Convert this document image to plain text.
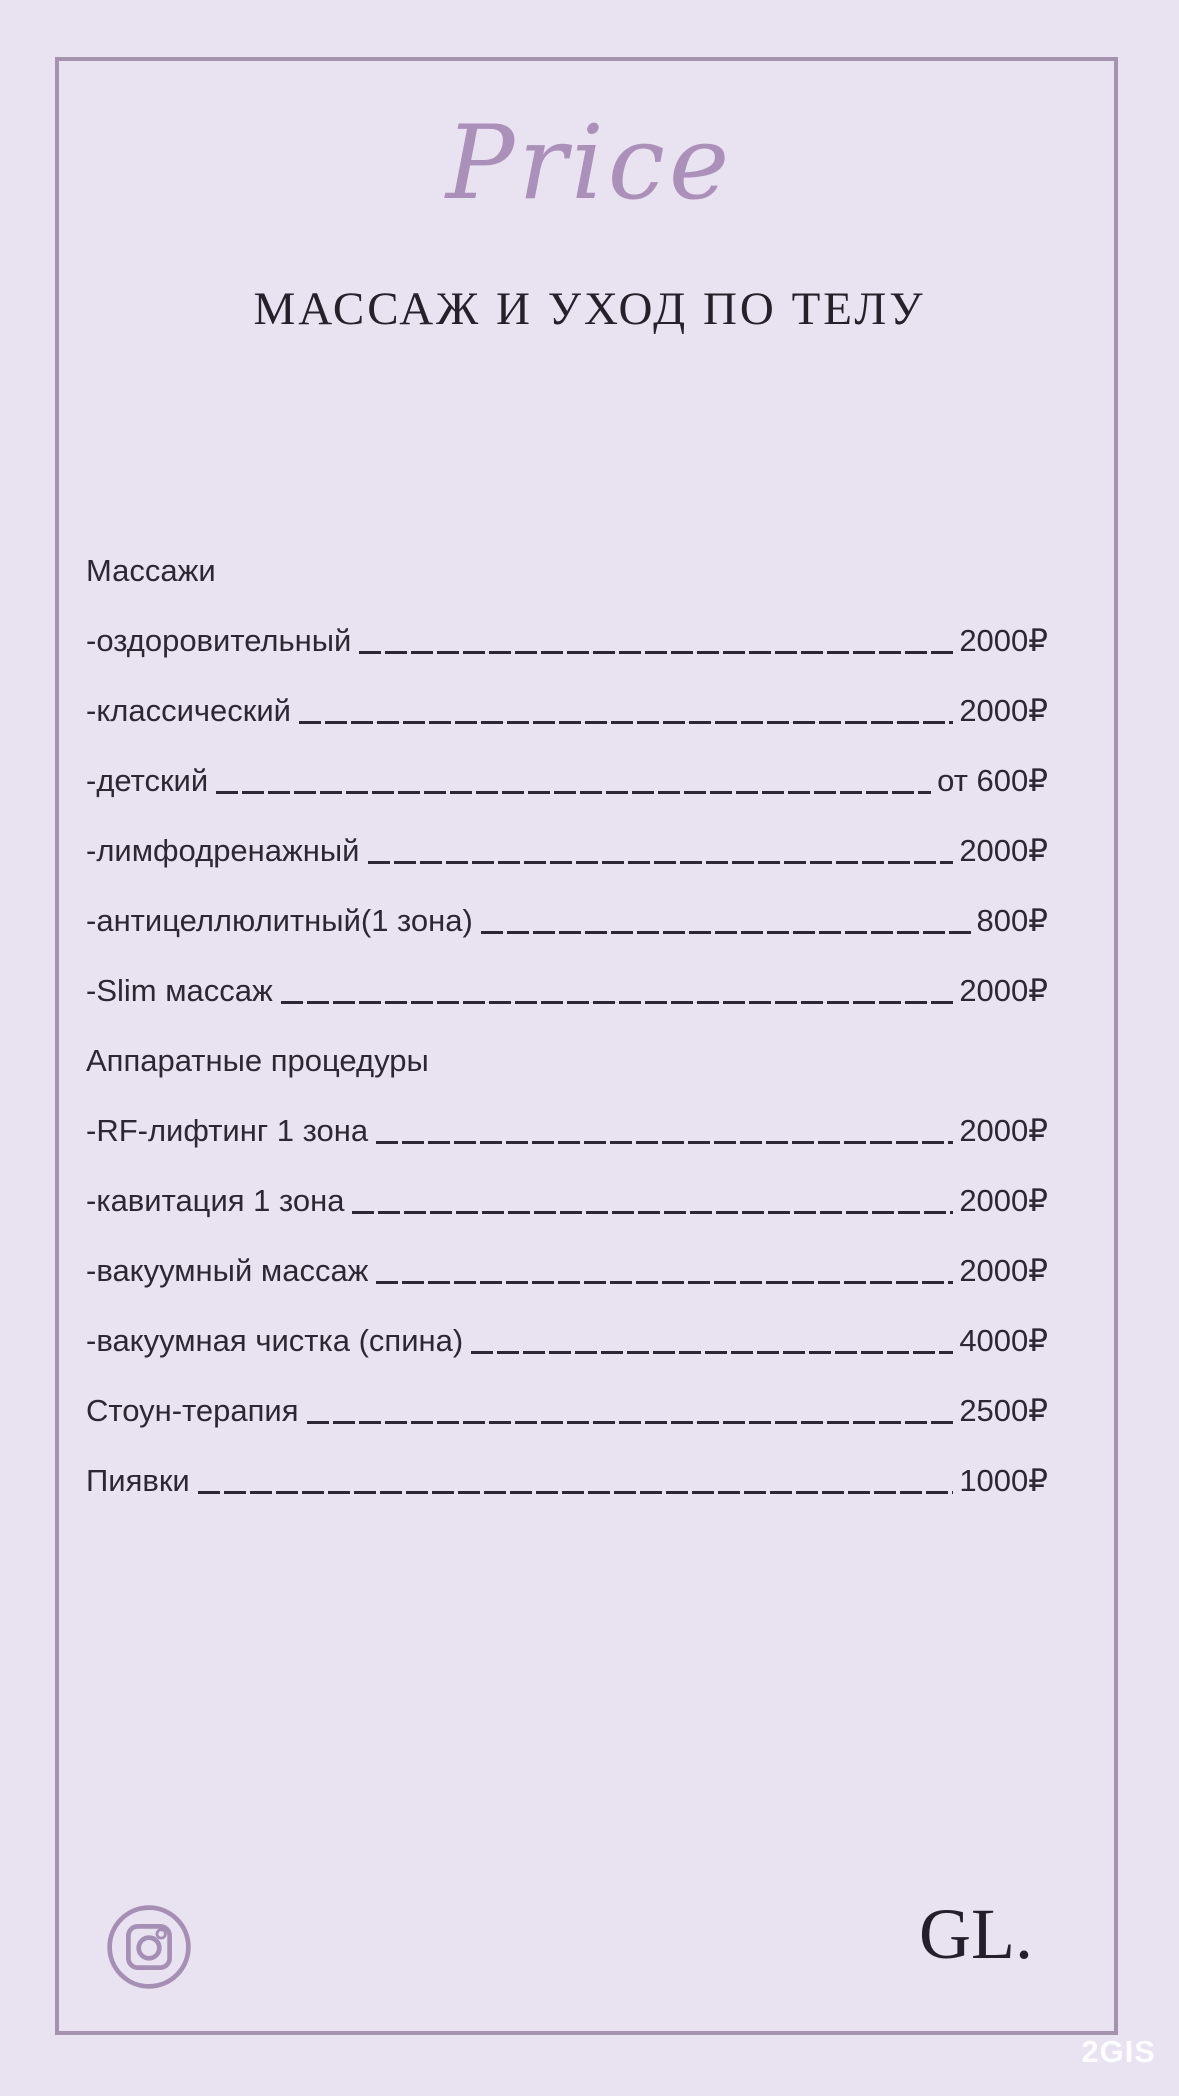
Price
МАССАЖ И УХОД ПО ТЕЛУ
Массажи
-оздоровительный	2000₽
-классический	2000₽
-детский	от 600₽
-лимфодренажный	2000₽
-антицеллюлитный(1 зона)	800₽
-Slim массаж	2000₽
Аппаратные процедуры
-RF-лифтинг 1 зона	2000₽
-кавитация 1 зона	2000₽
-вакуумный массаж	2000₽
-вакуумная чистка (спина)	4000₽
Стоун-терапия	2500₽
Пиявки	1000₽
GL.
2GIS
